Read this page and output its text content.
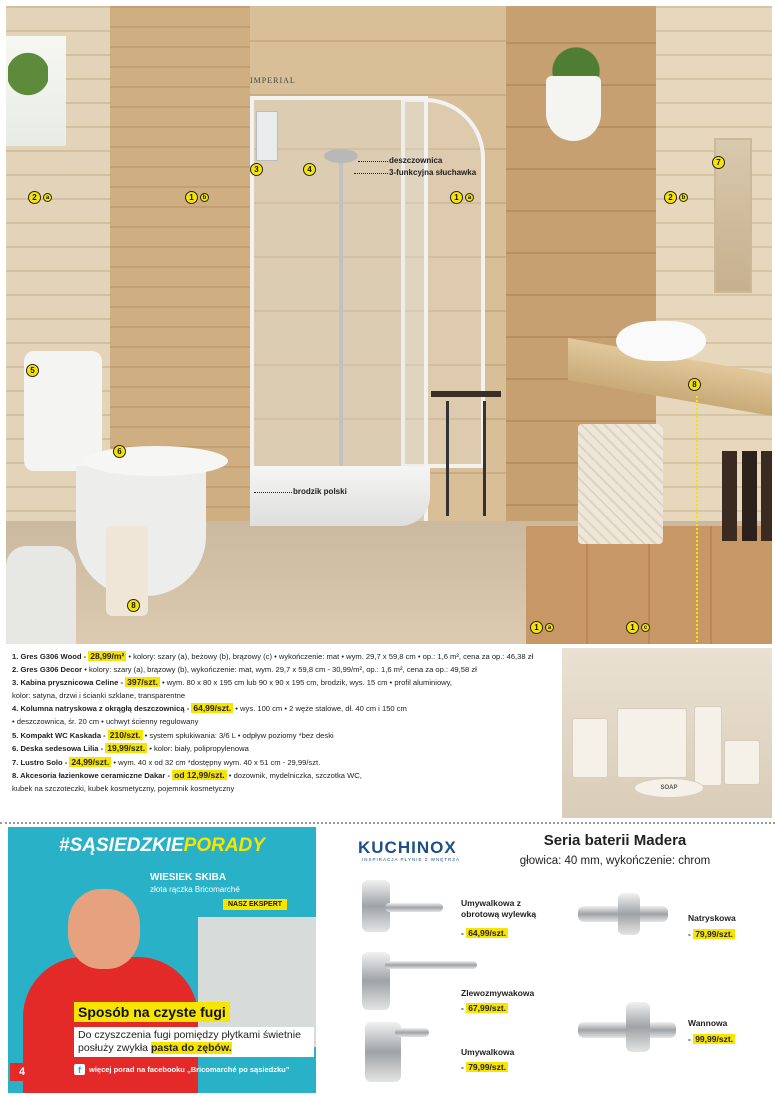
IMPERIAL
deszczownica
3-funkcyjna słuchawka
brodzik polski
2	a	1	b
3	4
1	a	2	b
7
5
6
8
8
1	a	1	c
1. Gres G306 Wood - 28,99/m² • kolory: szary (a), beżowy (b), brązowy (c) • wykończenie: mat • wym. 29,7 x 59,8 cm • op.: 1,6 m², cena za op.: 46,38 zł
2. Gres G306 Decor • kolory: szary (a), brązowy (b), wykończenie: mat, wym. 29,7 x 59,8 cm - 30,99/m², op.: 1,6 m², cena za op.: 49,58 zł
3. Kabina prysznicowa Celine - 397/szt. • wym. 80 x 80 x 195 cm lub 90 x 90 x 195 cm, brodzik, wys. 15 cm • profil aluminiowy,
kolor: satyna, drzwi i ścianki szklane, transparentne
4. Kolumna natryskowa z okrągłą deszczownicą - 64,99/szt. • wys. 100 cm • 2 węże stalowe, dł. 40 cm i 150 cm
• deszczownica, śr. 20 cm • uchwyt ścienny regulowany
5. Kompakt WC Kaskada - 210/szt. • system spłukiwania: 3/6 L • odpływ poziomy *bez deski
6. Deska sedesowa Lilia - 19,99/szt. • kolor: biały, polipropylenowa
7. Lustro Solo - 24,99/szt. • wym. 40 x od 32 cm *dostępny wym. 40 x 51 cm - 29,99/szt.
8. Akcesoria łazienkowe ceramiczne Dakar - od 12,99/szt. • dozownik, mydelniczka, szczotka WC,
kubek na szczoteczki, kubek kosmetyczny, pojemnik kosmetyczny	SOAP
#SĄSIEDZKIEPORADY
WIESIEK SKIBA
złota rączka Bricomarché
NASZ EKSPERT
Sposób na czyste fugi
Do czyszczenia fugi pomiędzy płytkami świetnie posłuży zwykła pasta do zębów.
f	więcej porad na facebooku „Bricomarché po sąsiedzku”
4
KUCHINOX
INSPIRACJA PŁYNIE Z WNĘTRZA
Seria baterii Madera
głowica: 40 mm, wykończenie: chrom
Umywalkowa z obrotową wylewką
- 64,99/szt.
Zlewozmywakowa
- 67,99/szt.
Umywalkowa
- 79,99/szt.
Natryskowa
- 79,99/szt.
Wannowa
- 99,99/szt.
